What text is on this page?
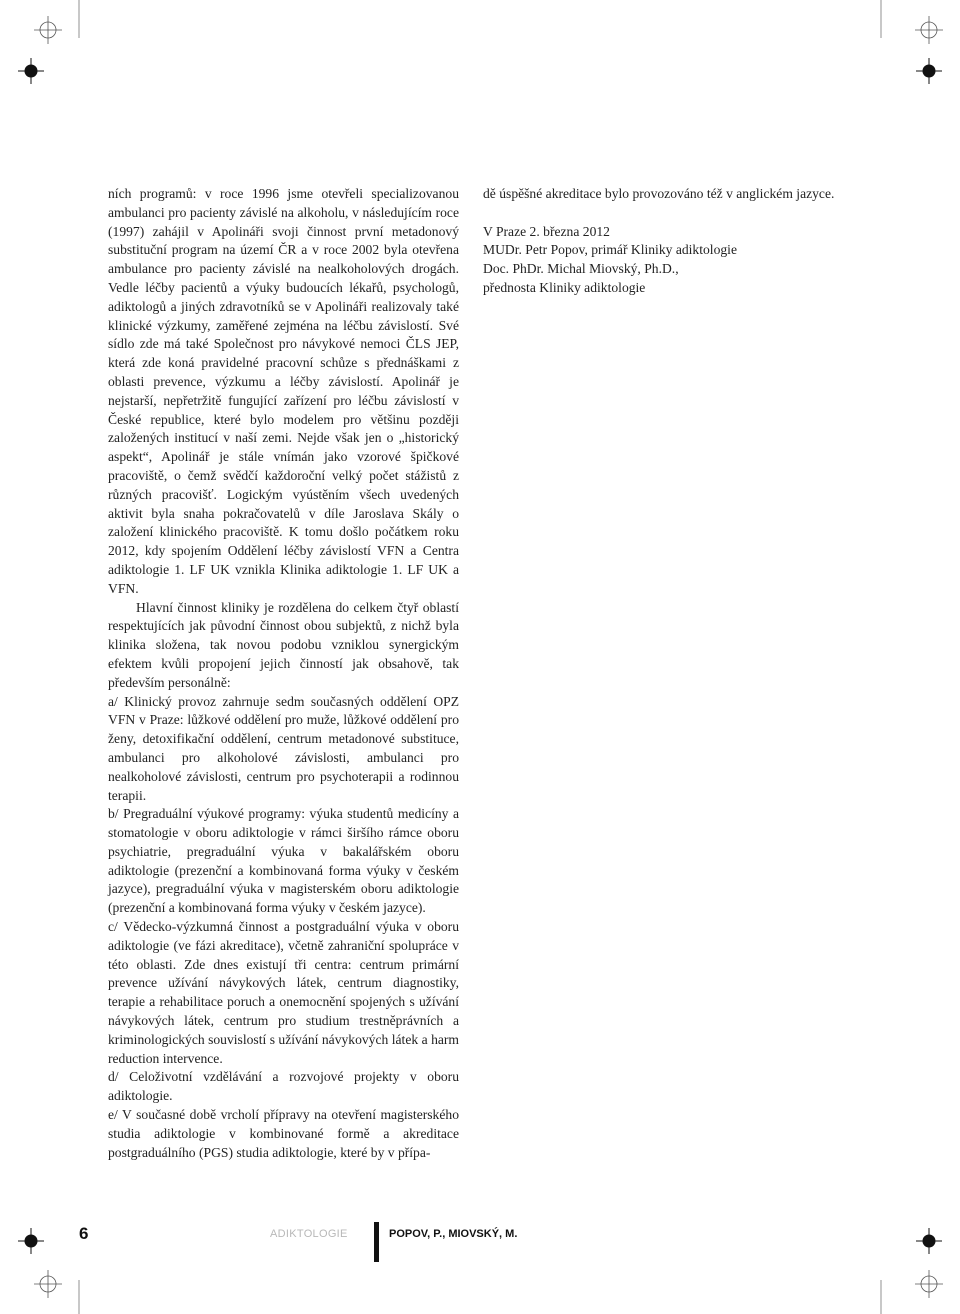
ních programů: v roce 1996 jsme otevřeli specializovanou ambulanci pro pacienty závislé na alkoholu, v následujícím roce (1997) zahájil v Apolináři svoji činnost první metadonový substituční program na území ČR a v roce 2002 byla otevřena ambulance pro pacienty závislé na nealkoholových drogách. Vedle léčby pacientů a výuky budoucích lékařů, psychologů, adiktologů a jiných zdravotníků se v Apolináři realizovaly také klinické výzkumy, zaměřené zejména na léčbu závislostí. Své sídlo zde má také Společnost pro návykové nemoci ČLS JEP, která zde koná pravidelné pracovní schůze s přednáškami z oblasti prevence, výzkumu a léčby závislostí. Apolinář je nejstarší, nepřetržitě fungující zařízení pro léčbu závislostí v České republice, které bylo modelem pro většinu později založených institucí v naší zemi. Nejde však jen o „historický aspekt“, Apolinář je stále vnímán jako vzorové špičkové pracoviště, o čemž svědčí každoroční velký počet stážistů z různých pracovišť. Logickým vyústěním všech uvedených aktivit byla snaha pokračovatelů v díle Jaroslava Skály o založení klinického pracoviště. K tomu došlo počátkem roku 2012, kdy spojením Oddělení léčby závislostí VFN a Centra adiktologie 1. LF UK vznikla Klinika adiktologie 1. LF UK a VFN.

Hlavní činnost kliniky je rozdělena do celkem čtyř oblastí respektujících jak původní činnost obou subjektů, z nichž byla klinika složena, tak novou podobu vzniklou synergickým efektem kvůli propojení jejich činností jak obsahově, tak především personálně:

a/ Klinický provoz zahrnuje sedm současných oddělení OPZ VFN v Praze: lůžkové oddělení pro muže, lůžkové oddělení pro ženy, detoxifikační oddělení, centrum metadonové substituce, ambulanci pro alkoholové závislosti, ambulanci pro nealkoholové závislosti, centrum pro psychoterapii a rodinnou terapii.

b/ Pregraduální výukové programy: výuka studentů medicíny a stomatologie v oboru adiktologie v rámci širšího rámce oboru psychiatrie, pregraduální výuka v bakalářském oboru adiktologie (prezenční a kombinovaná forma výuky v českém jazyce), pregraduální výuka v magisterském oboru adiktologie (prezenční a kombinovaná forma výuky v českém jazyce).

c/ Vědecko-výzkumná činnost a postgraduální výuka v oboru adiktologie (ve fázi akreditace), včetně zahraniční spolupráce v této oblasti. Zde dnes existují tři centra: centrum primární prevence užívání návykových látek, centrum diagnostiky, terapie a rehabilitace poruch a onemocnění spojených s užívání návykových látek, centrum pro studium trestněprávních a kriminologických souvislostí s užívání návykových látek a harm reduction intervence.

d/ Celoživotní vzdělávání a rozvojové projekty v oboru adiktologie.

e/ V současné době vrcholí přípravy na otevření magisterského studia adiktologie v kombinované formě a akreditace postgraduálního (PGS) studia adiktologie, které by v přípa-

dě úspěšné akreditace bylo provozováno též v anglickém jazyce.

V Praze 2. března 2012

MUDr. Petr Popov, primář Kliniky adiktologie

Doc. PhDr. Michal Miovský, Ph.D.,

přednosta Kliniky adiktologie

6	ADIKTOLOGIE	POPOV, P., MIOVSKÝ, M.
